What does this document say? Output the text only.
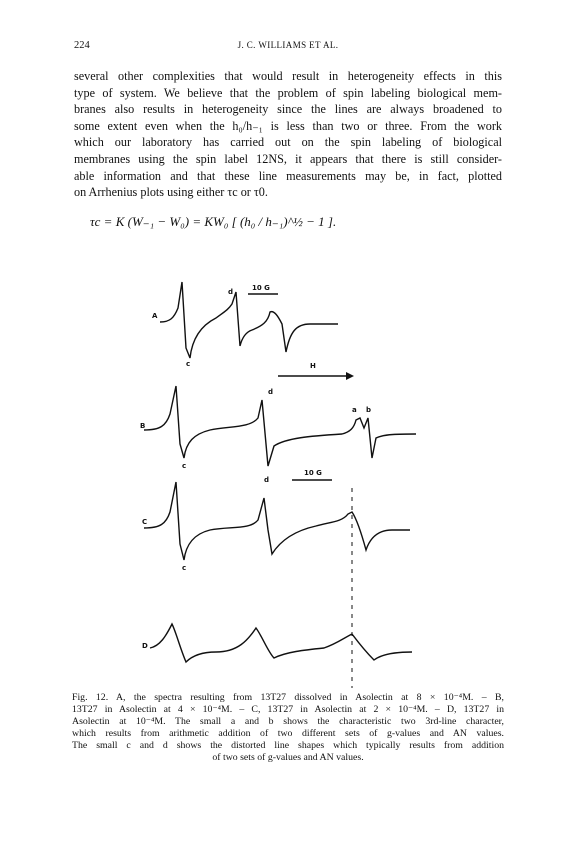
224	J. C. WILLIAMS ET AL.
several other complexities that would result in heterogeneity effects in this
type of system. We believe that the problem of spin labeling biological mem-
branes also results in heterogeneity since the lines are always broadened to
some extent even when the h₀/h₋₁ is less than two or three. From the work
which our laboratory has carried out on the spin labeling of biological
membranes using the spin label 12NS, it appears that there is still consider-
able information and that these line measurements may be, in fact, plotted
on Arrhenius plots using either τc or τ0.
τc = K (W₋₁ − W₀) = KW₀ [ (h₀ / h₋₁)^½ − 1 ].
10 G
A
d
c	H
d
a b
B
c
10 G
d
C
c
D
Fig. 12. A, the spectra resulting from 13T27 dissolved in Asolectin at 8 × 10⁻⁴M. – B,
13T27 in Asolectin at 4 × 10⁻⁴M. – C, 13T27 in Asolectin at 2 × 10⁻⁴M. – D, 13T27 in
Asolectin at 10⁻⁴M. The small a and b shows the characteristic two 3rd-line character,
which results from arithmetic addition of two different sets of g-values and AN values.
The small c and d shows the distorted line shapes which typically results from addition
of two sets of g-values and AN values.
